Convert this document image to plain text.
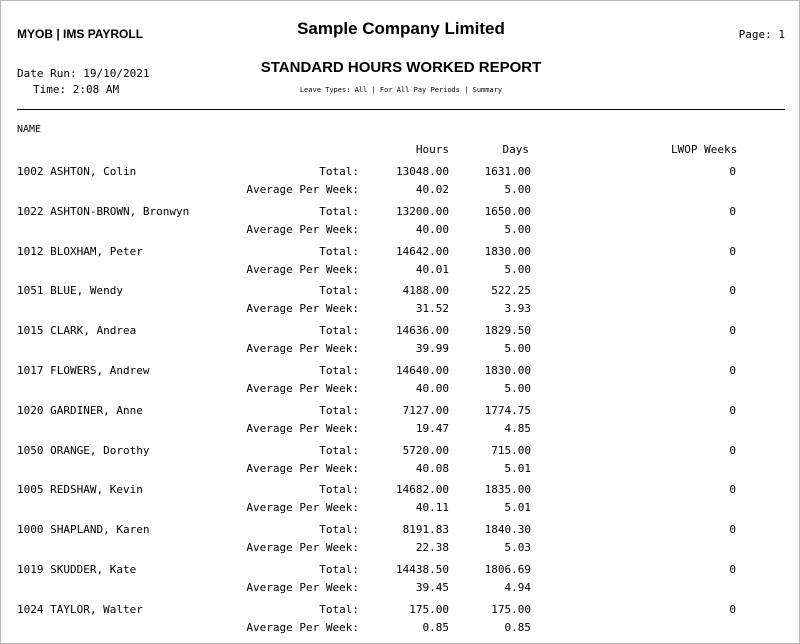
MYOB | IMS PAYROLL	Sample Company Limited	Page: 1
Date Run: 19/10/2021
Time: 2:08 AM
STANDARD HOURS WORKED REPORT
Leave Types: All | For All Pay Periods | Summary
NAME
Hours	Days	LWOP Weeks
1002 ASHTON, Colin	Total:	13048.00	1631.00	0
Average Per Week:	40.02	5.00
1022 ASHTON-BROWN, Bronwyn	Total:	13200.00	1650.00	0
Average Per Week:	40.00	5.00
1012 BLOXHAM, Peter	Total:	14642.00	1830.00	0
Average Per Week:	40.01	5.00
1051 BLUE, Wendy	Total:	4188.00	522.25	0
Average Per Week:	31.52	3.93
1015 CLARK, Andrea	Total:	14636.00	1829.50	0
Average Per Week:	39.99	5.00
1017 FLOWERS, Andrew	Total:	14640.00	1830.00	0
Average Per Week:	40.00	5.00
1020 GARDINER, Anne	Total:	7127.00	1774.75	0
Average Per Week:	19.47	4.85
1050 ORANGE, Dorothy	Total:	5720.00	715.00	0
Average Per Week:	40.08	5.01
1005 REDSHAW, Kevin	Total:	14682.00	1835.00	0
Average Per Week:	40.11	5.01
1000 SHAPLAND, Karen	Total:	8191.83	1840.30	0
Average Per Week:	22.38	5.03
1019 SKUDDER, Kate	Total:	14438.50	1806.69	0
Average Per Week:	39.45	4.94
1024 TAYLOR, Walter	Total:	175.00	175.00	0
Average Per Week:	0.85	0.85
